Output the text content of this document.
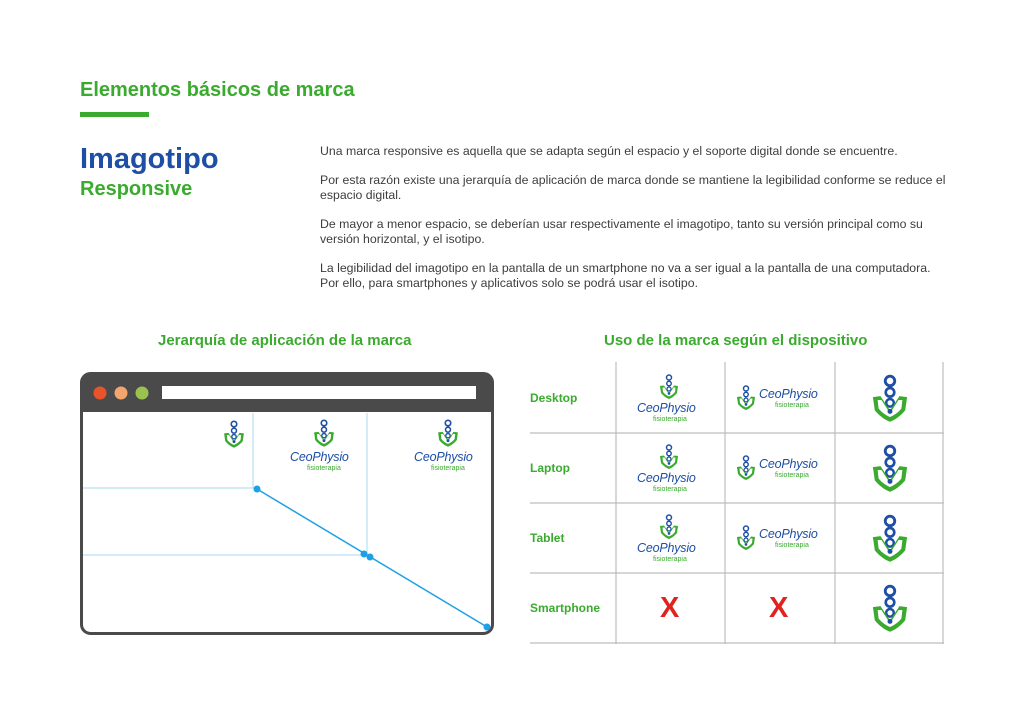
Elementos básicos de marca
Imagotipo
Responsive

Una marca responsive es aquella que se adapta según el espacio y el soporte digital donde se encuentre.

Por esta razón existe una jerarquía de aplicación de marca donde se mantiene la legibilidad conforme se reduce el espacio digital.

De mayor a menor espacio, se deberían usar respectivamente el imagotipo, tanto su versión principal como su versión horizontal, y el isotipo.

La legibilidad del imagotipo en la pantalla de un smartphone no va a ser igual a la pantalla de una computadora. Por ello, para smartphones y aplicativos solo se podrá usar el isotipo.

Jerarquía de aplicación de la marca	Uso de la marca según el dispositivo
CeoPhysio
fisioterapia
CeoPhysio
fisioterapia
Desktop
Laptop
Tablet
Smartphone
CeoPhysio
fisioterapia
CeoPhysio
fisioterapia
CeoPhysio
fisioterapia
CeoPhysio
fisioterapia
CeoPhysio
fisioterapia
CeoPhysio
fisioterapia
X	X
